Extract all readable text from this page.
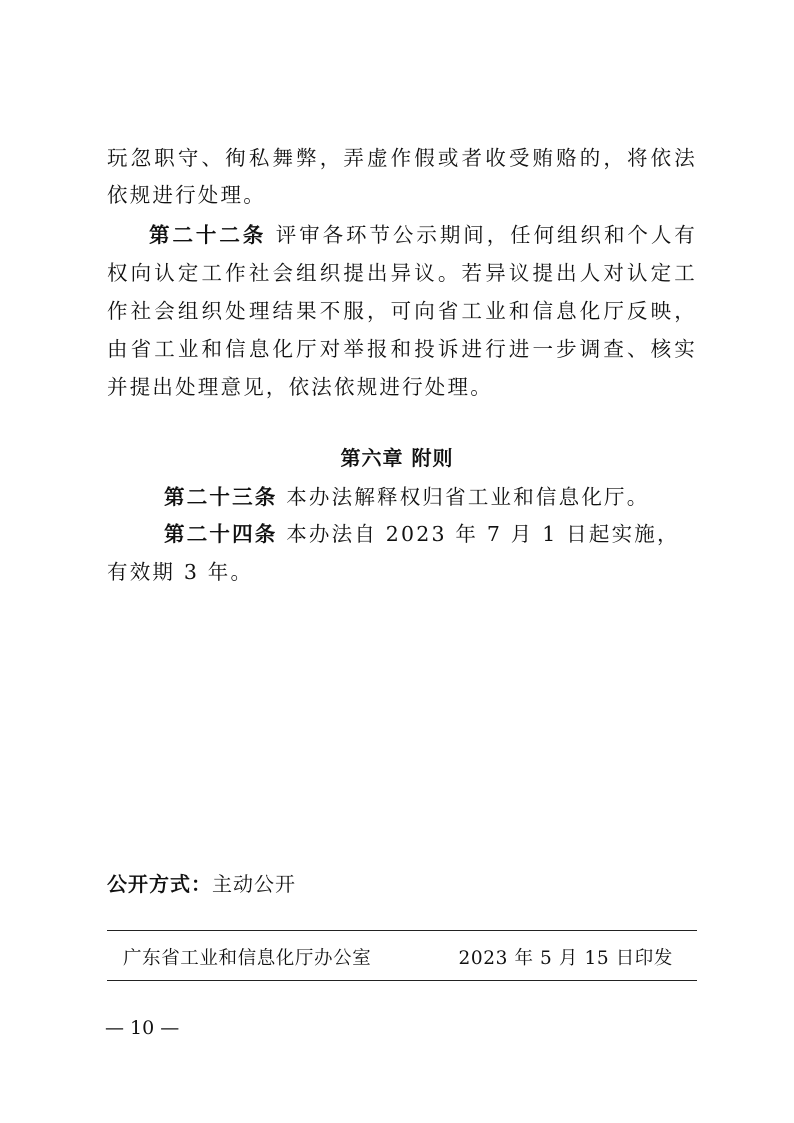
玩忽职守、徇私舞弊，弄虚作假或者收受贿赂的，将依法依规进行处理。

第二十二条 评审各环节公示期间，任何组织和个人有权向认定工作社会组织提出异议。若异议提出人对认定工作社会组织处理结果不服，可向省工业和信息化厅反映，由省工业和信息化厅对举报和投诉进行进一步调查、核实并提出处理意见，依法依规进行处理。

第六章 附则

第二十三条 本办法解释权归省工业和信息化厅。

第二十四条 本办法自 2023 年 7 月 1 日起实施，有效期 3 年。

公开方式：主动公开
广东省工业和信息化厅办公室	2023 年 5 月 15 日印发
— 10 —
